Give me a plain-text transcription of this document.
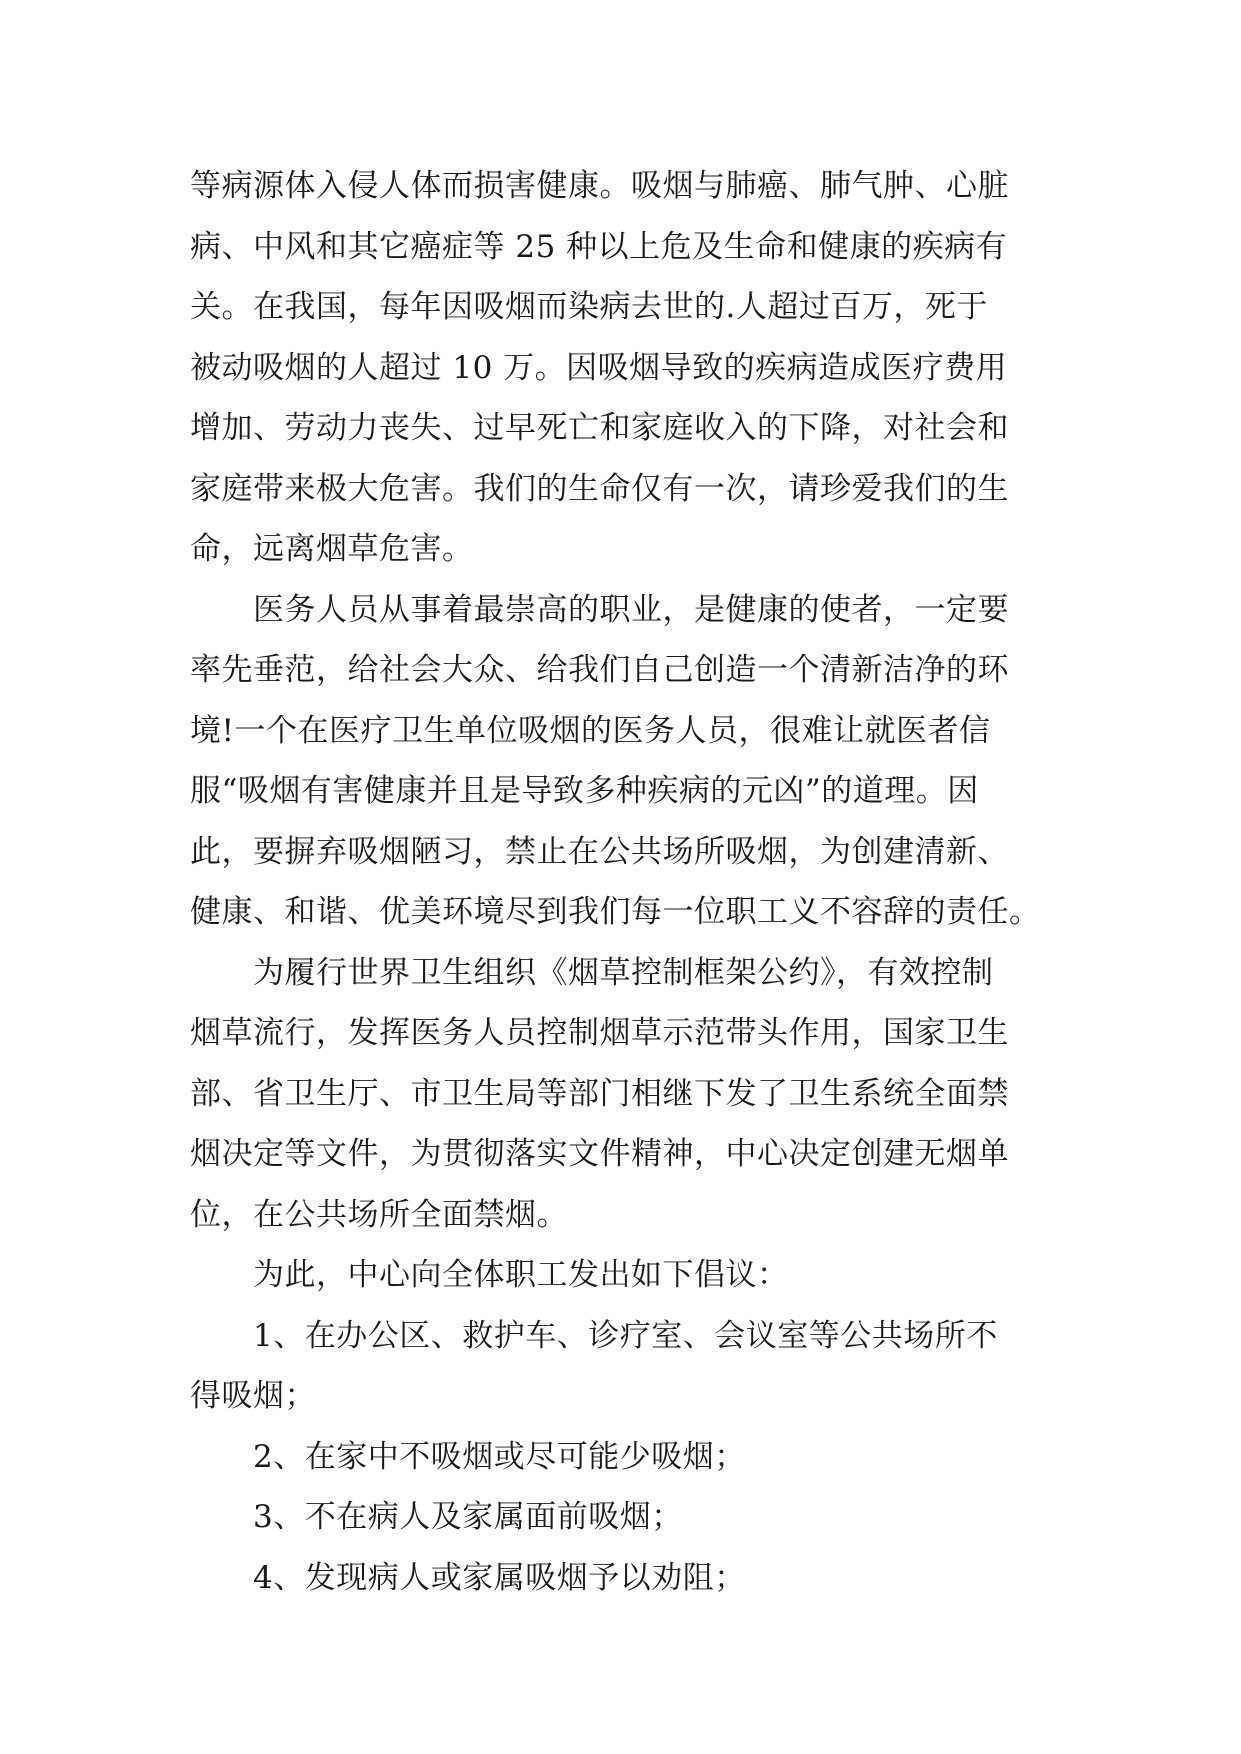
等病源体入侵人体而损害健康。吸烟与肺癌、肺气肿、心脏
病、中风和其它癌症等 25 种以上危及生命和健康的疾病有
关。在我国，每年因吸烟而染病去世的.人超过百万，死于
被动吸烟的人超过 10 万。因吸烟导致的疾病造成医疗费用
增加、劳动力丧失、过早死亡和家庭收入的下降，对社会和
家庭带来极大危害。我们的生命仅有一次，请珍爱我们的生
命，远离烟草危害。
　　医务人员从事着最崇高的职业，是健康的使者，一定要
率先垂范，给社会大众、给我们自己创造一个清新洁净的环
境!一个在医疗卫生单位吸烟的医务人员，很难让就医者信
服“吸烟有害健康并且是导致多种疾病的元凶”的道理。因
此，要摒弃吸烟陋习，禁止在公共场所吸烟，为创建清新、
健康、和谐、优美环境尽到我们每一位职工义不容辞的责任。
　　为履行世界卫生组织《烟草控制框架公约》，有效控制
烟草流行，发挥医务人员控制烟草示范带头作用，国家卫生
部、省卫生厅、市卫生局等部门相继下发了卫生系统全面禁
烟决定等文件，为贯彻落实文件精神，中心决定创建无烟单
位，在公共场所全面禁烟。
　　为此，中心向全体职工发出如下倡议：
　　1、在办公区、救护车、诊疗室、会议室等公共场所不
得吸烟；
　　2、在家中不吸烟或尽可能少吸烟；
　　3、不在病人及家属面前吸烟；
　　4、发现病人或家属吸烟予以劝阻；
